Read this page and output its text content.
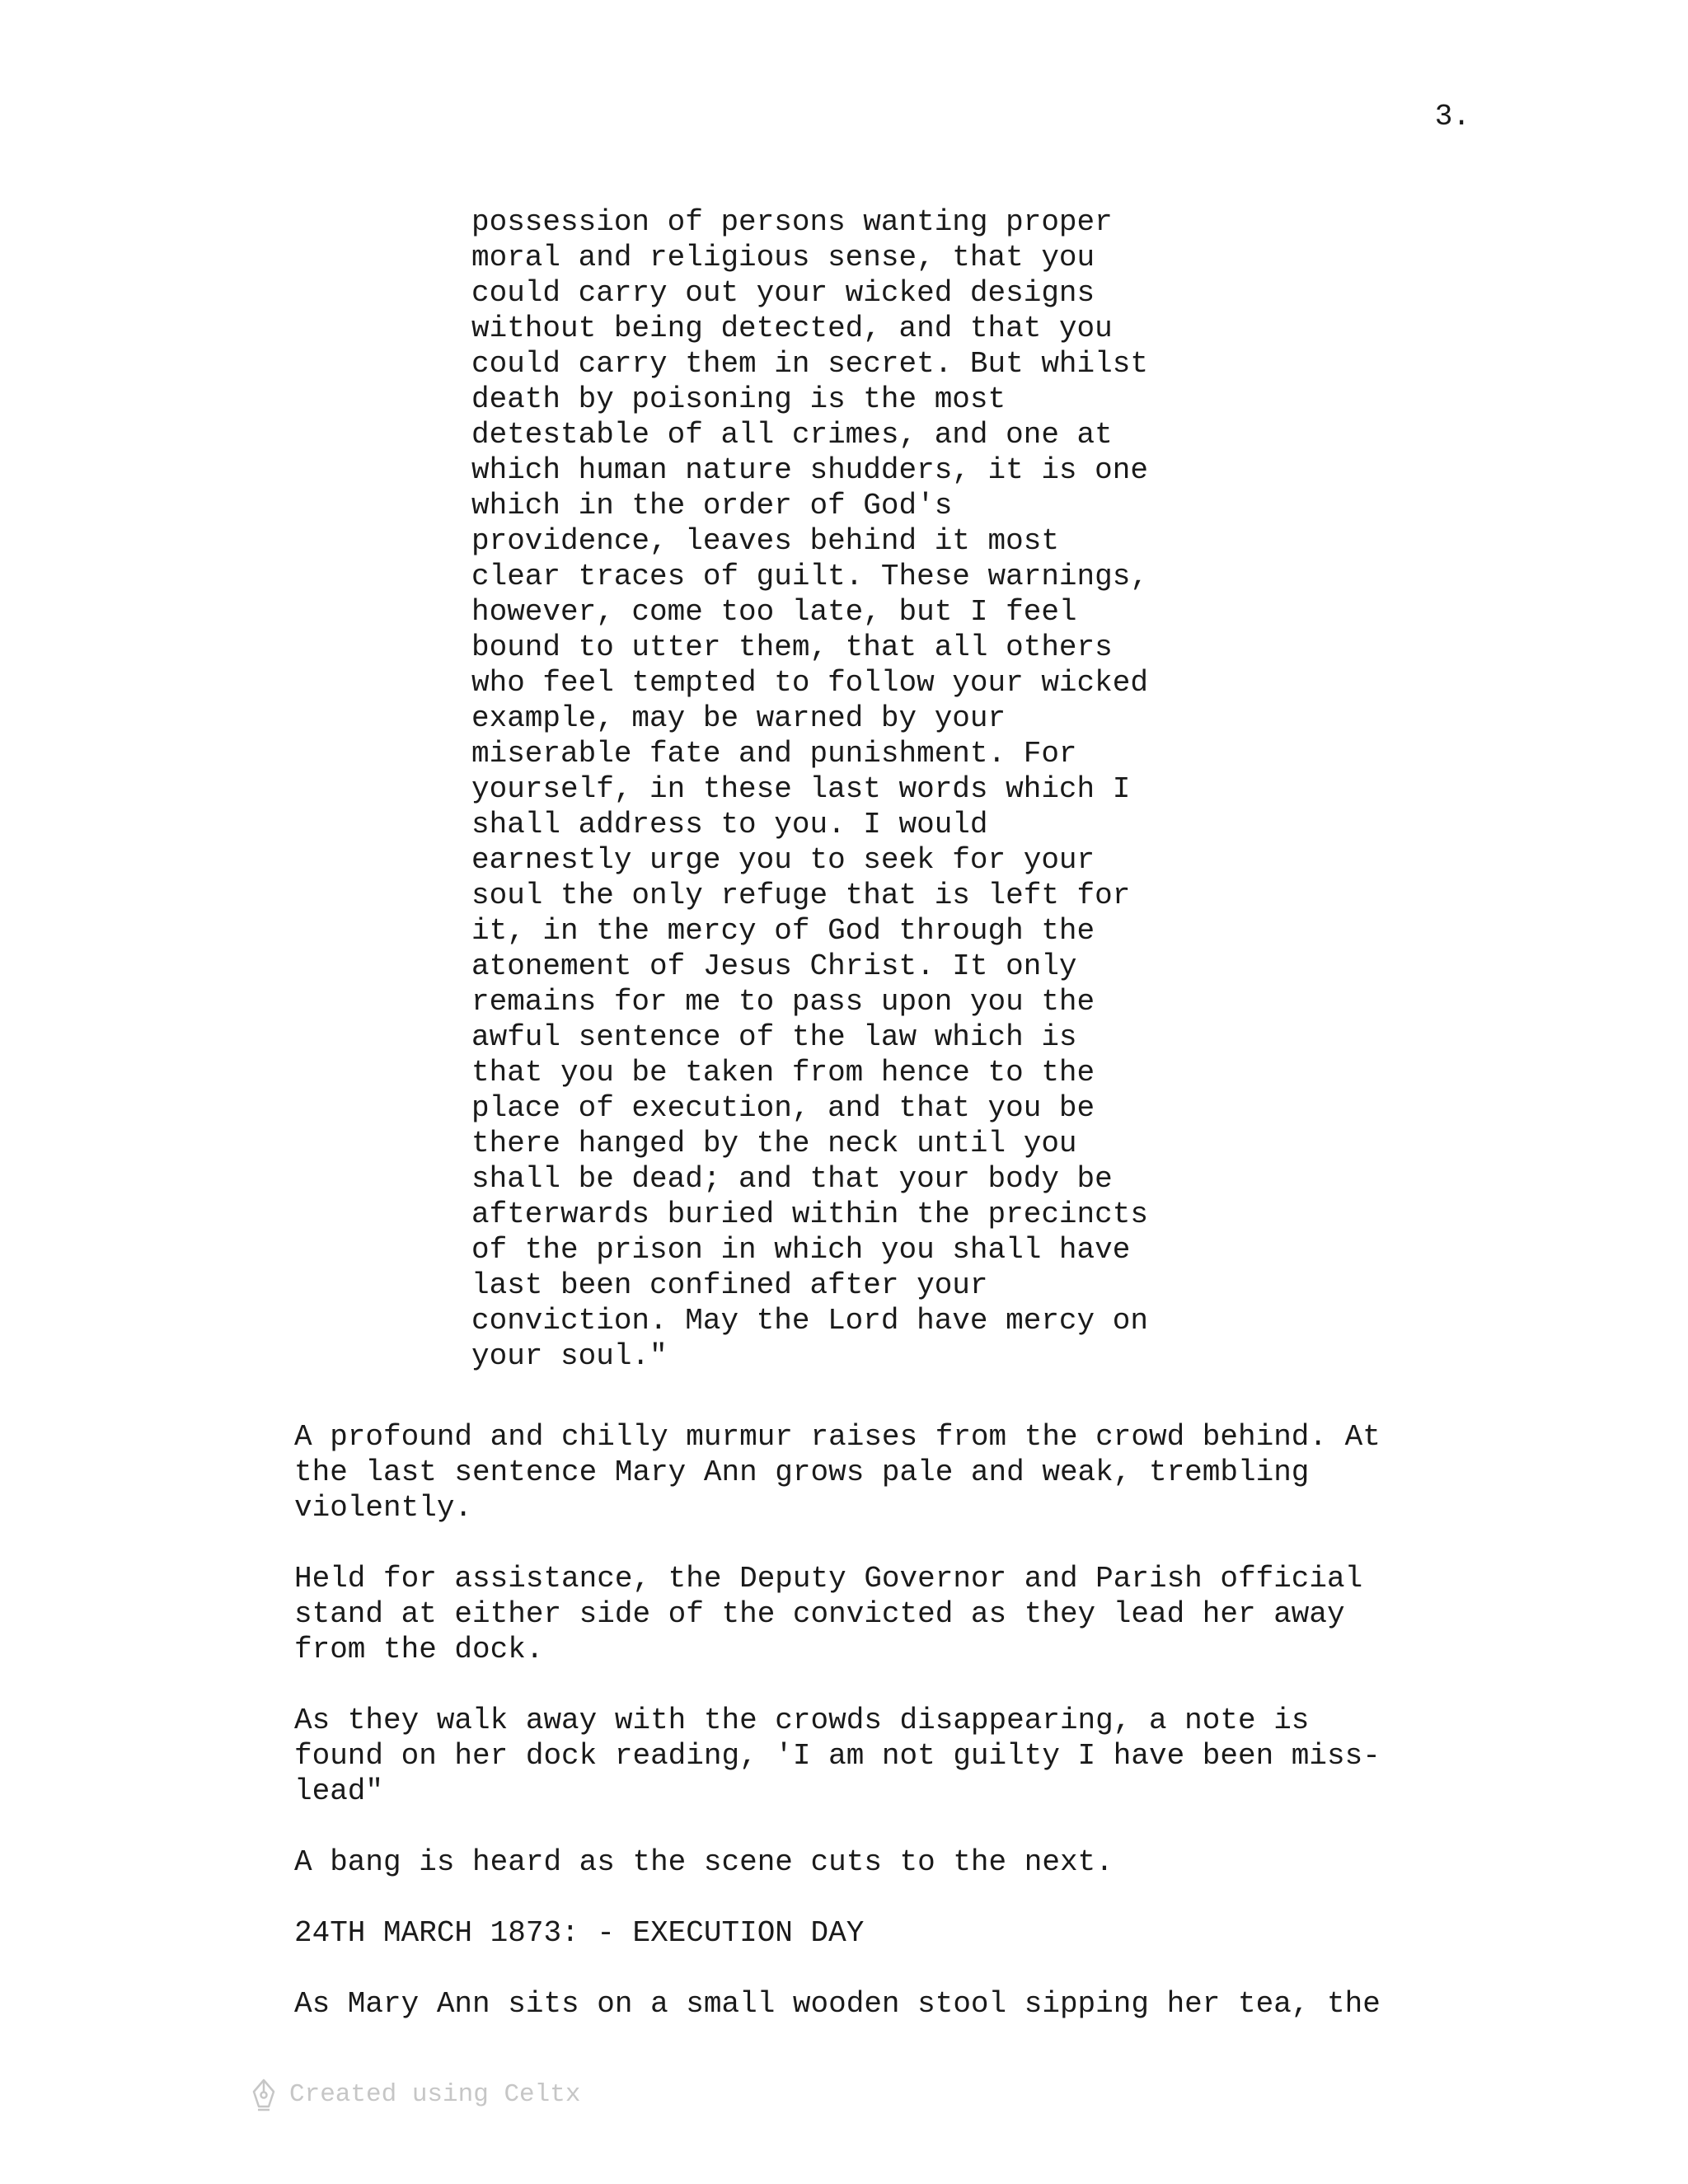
3.
possession of persons wanting proper
moral and religious sense, that you
could carry out your wicked designs
without being detected, and that you
could carry them in secret. But whilst
death by poisoning is the most
detestable of all crimes, and one at
which human nature shudders, it is one
which in the order of God's
providence, leaves behind it most
clear traces of guilt. These warnings,
however, come too late, but I feel
bound to utter them, that all others
who feel tempted to follow your wicked
example, may be warned by your
miserable fate and punishment. For
yourself, in these last words which I
shall address to you. I would
earnestly urge you to seek for your
soul the only refuge that is left for
it, in the mercy of God through the
atonement of Jesus Christ. It only
remains for me to pass upon you the
awful sentence of the law which is
that you be taken from hence to the
place of execution, and that you be
there hanged by the neck until you
shall be dead; and that your body be
afterwards buried within the precincts
of the prison in which you shall have
last been confined after your
conviction. May the Lord have mercy on
your soul."
A profound and chilly murmur raises from the crowd behind. At
the last sentence Mary Ann grows pale and weak, trembling
violently.
Held for assistance, the Deputy Governor and Parish official
stand at either side of the convicted as they lead her away
from the dock.
As they walk away with the crowds disappearing, a note is
found on her dock reading, 'I am not guilty I have been miss-
lead"
A bang is heard as the scene cuts to the next.
24TH MARCH 1873: - EXECUTION DAY
As Mary Ann sits on a small wooden stool sipping her tea, the
Created using Celtx
